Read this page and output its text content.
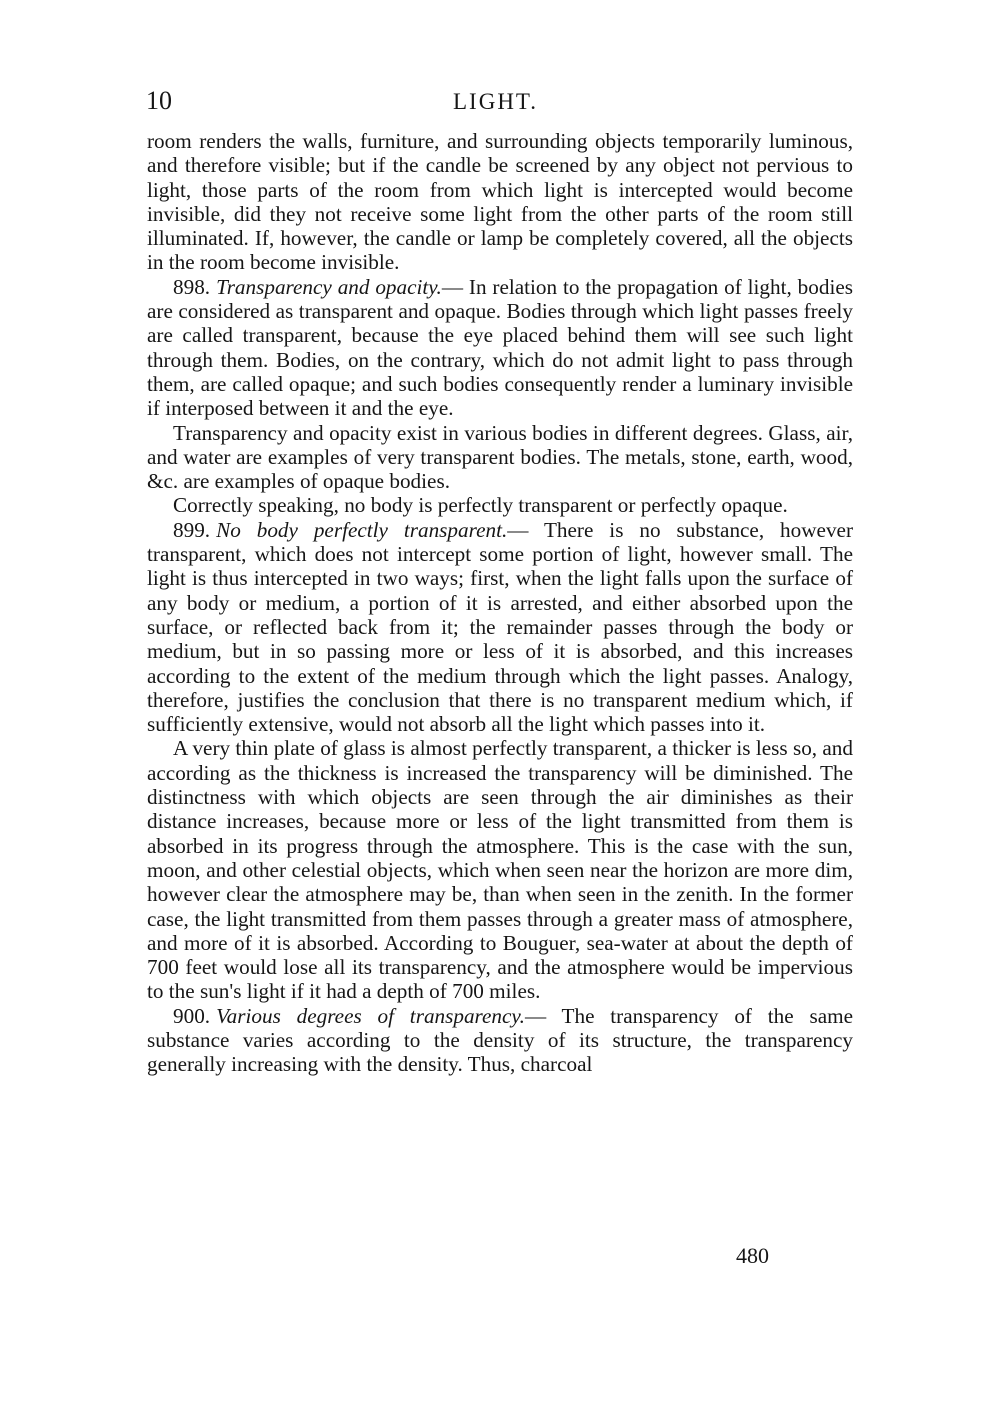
10	LIGHT.

room renders the walls, furniture, and surrounding objects temporarily luminous, and therefore visible; but if the candle be screened by any object not pervious to light, those parts of the room from which light is intercepted would become invisible, did they not receive some light from the other parts of the room still illuminated. If, however, the candle or lamp be completely covered, all the objects in the room become invisible.

898. Transparency and opacity.— In relation to the propagation of light, bodies are considered as transparent and opaque. Bodies through which light passes freely are called transparent, because the eye placed behind them will see such light through them. Bodies, on the contrary, which do not admit light to pass through them, are called opaque; and such bodies consequently render a luminary invisible if interposed between it and the eye.

Transparency and opacity exist in various bodies in different degrees. Glass, air, and water are examples of very transparent bodies. The metals, stone, earth, wood, &c. are examples of opaque bodies.

Correctly speaking, no body is perfectly transparent or perfectly opaque.

899. No body perfectly transparent.— There is no substance, however transparent, which does not intercept some portion of light, however small. The light is thus intercepted in two ways; first, when the light falls upon the surface of any body or medium, a portion of it is arrested, and either absorbed upon the surface, or reflected back from it; the remainder passes through the body or medium, but in so passing more or less of it is absorbed, and this increases according to the extent of the medium through which the light passes. Analogy, therefore, justifies the conclusion that there is no transparent medium which, if sufficiently extensive, would not absorb all the light which passes into it.

A very thin plate of glass is almost perfectly transparent, a thicker is less so, and according as the thickness is increased the transparency will be diminished. The distinctness with which objects are seen through the air diminishes as their distance increases, because more or less of the light transmitted from them is absorbed in its progress through the atmosphere. This is the case with the sun, moon, and other celestial objects, which when seen near the horizon are more dim, however clear the atmosphere may be, than when seen in the zenith. In the former case, the light transmitted from them passes through a greater mass of atmosphere, and more of it is absorbed. According to Bouguer, sea-water at about the depth of 700 feet would lose all its transparency, and the atmosphere would be impervious to the sun's light if it had a depth of 700 miles.

900. Various degrees of transparency.— The transparency of the same substance varies according to the density of its structure, the transparency generally increasing with the density. Thus, charcoal

480
